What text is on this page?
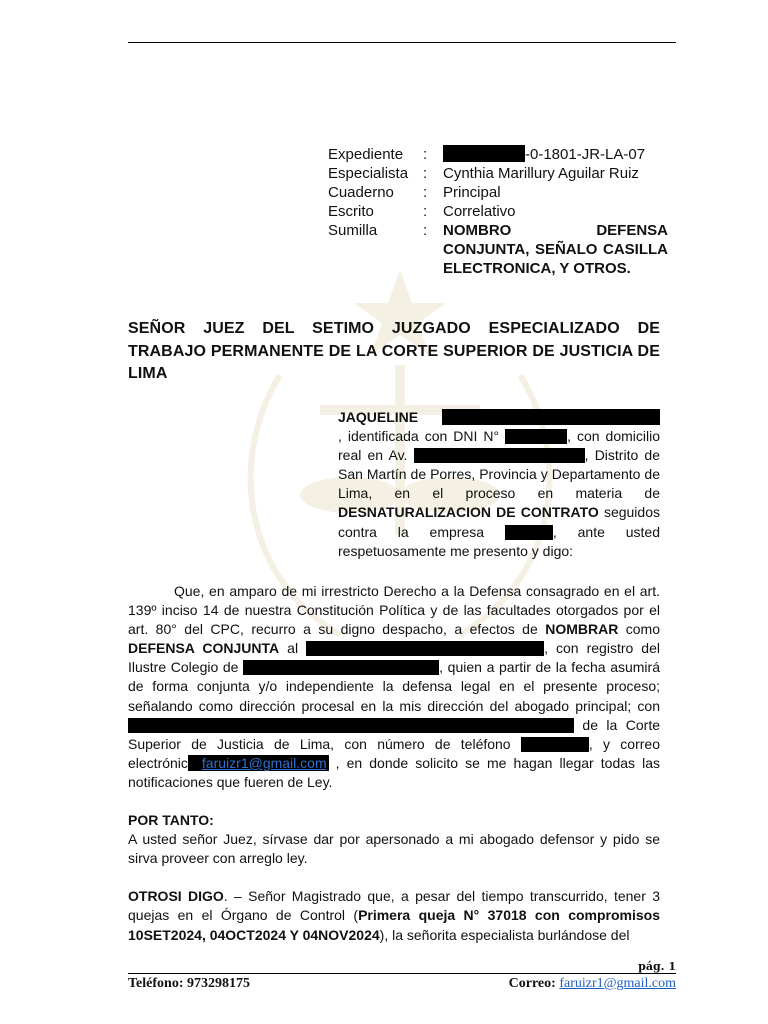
Expediente	:	-0-1801-JR-LA-07
Especialista :	Cynthia Marillury Aguilar Ruiz
Cuaderno	:	Principal
Escrito	:	Correlativo
Sumilla	:	NOMBRO DEFENSA CONJUNTA, SEÑALO CASILLA ELECTRONICA, Y OTROS.
SEÑOR JUEZ DEL SETIMO JUZGADO ESPECIALIZADO DE TRABAJO PERMANENTE DE LA CORTE SUPERIOR DE JUSTICIA DE LIMA

JAQUELINE      , identificada con DNI N°	, con domicilio real en Av.	, Distrito de San Martín de Porres, Provincia y Departamento de Lima, en el proceso en materia de DESNATURALIZACION DE CONTRATO seguidos contra la empresa	, ante usted respetuosamente me presento y digo:

Que, en amparo de mi irrestricto Derecho a la Defensa consagrado en el art. 139º inciso 14 de nuestra Constitución Política y de las facultades otorgados por el art. 80° del CPC, recurro a su digno despacho, a efectos de NOMBRAR como DEFENSA CONJUNTA al	, con registro del Ilustre Colegio de	, quien a partir de la fecha asumirá de forma conjunta y/o independiente la defensa legal en el presente proceso; señalando como dirección procesal en la mis dirección del abogado principal; con  de la Corte Superior de Justicia de Lima, con número de teléfono	, y correo electrónic faruizr1@gmail.com , en donde solicito se me hagan llegar todas las notificaciones que fueren de Ley.

POR TANTO:

A usted señor Juez, sírvase dar por apersonado a mi abogado defensor y pido se sirva proveer con arreglo ley.

OTROSI DIGO. – Señor Magistrado que, a pesar del tiempo transcurrido, tener 3 quejas en el Órgano de Control (Primera queja N° 37018 con compromisos 10SET2024, 04OCT2024 Y 04NOV2024), la señorita especialista burlándose del

pág. 1
Teléfono: 973298175	Correo: faruizr1@gmail.com
